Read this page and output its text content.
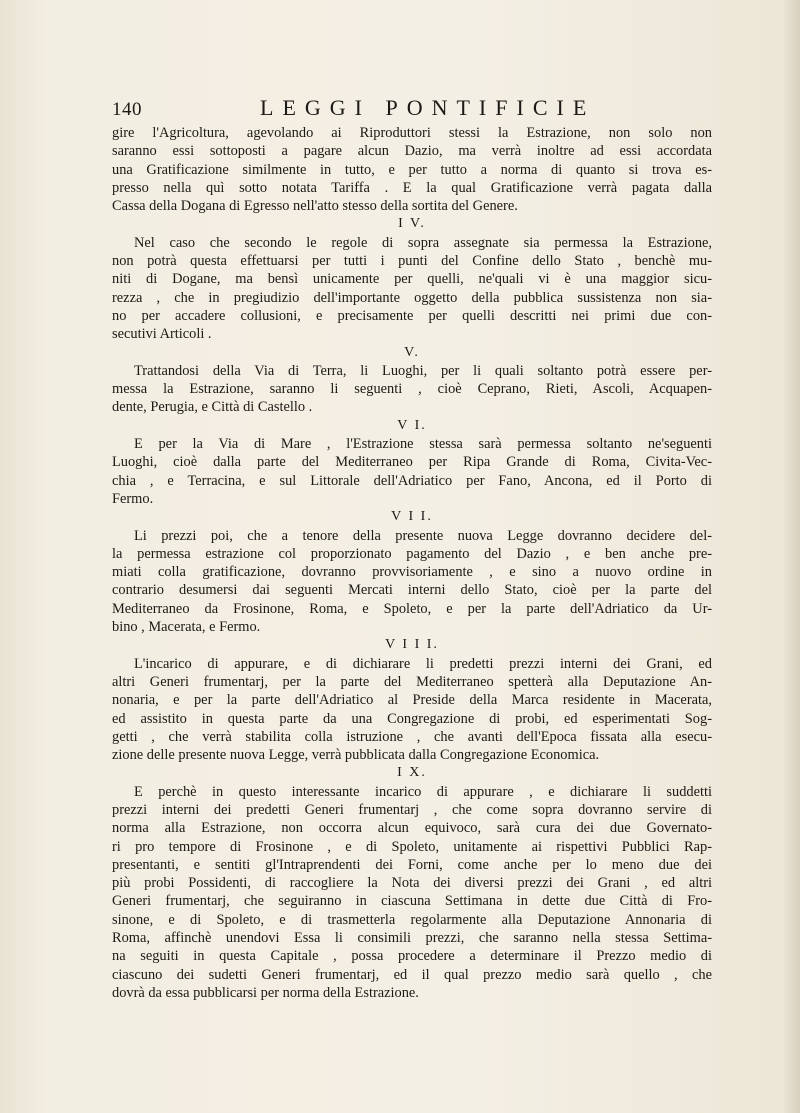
140	LEGGI PONTIFICIE
gire l'Agricoltura, agevolando ai Riproduttori stessi la Estrazione, non solo non
saranno essi sottoposti a pagare alcun Dazio, ma verrà inoltre ad essi accordata
una Gratificazione similmente in tutto, e per tutto a norma di quanto si trova es-
presso nella quì sotto notata Tariffa . E la qual Gratificazione verrà pagata dalla
Cassa della Dogana di Egresso nell'atto stesso della sortita del Genere.
I V.
Nel caso che secondo le regole di sopra assegnate sia permessa la Estrazione,
non potrà questa effettuarsi per tutti i punti del Confine dello Stato , benchè mu-
niti di Dogane, ma bensì unicamente per quelli, ne'quali vi è una maggior sicu-
rezza , che in pregiudizio dell'importante oggetto della pubblica sussistenza non sia-
no per accadere collusioni, e precisamente per quelli descritti nei primi due con-
secutivi Articoli .
V.
Trattandosi della Via di Terra, li Luoghi, per li quali soltanto potrà essere per-
messa la Estrazione, saranno li seguenti , cioè Ceprano, Rieti, Ascoli, Acquapen-
dente, Perugia, e Città di Castello .
V I.
E per la Via di Mare , l'Estrazione stessa sarà permessa soltanto ne'seguenti
Luoghi, cioè dalla parte del Mediterraneo per Ripa Grande di Roma, Civita-Vec-
chia , e Terracina, e sul Littorale dell'Adriatico per Fano, Ancona, ed il Porto di
Fermo.
V I I.
Li prezzi poi, che a tenore della presente nuova Legge dovranno decidere del-
la permessa estrazione col proporzionato pagamento del Dazio , e ben anche pre-
miati colla gratificazione, dovranno provvisoriamente , e sino a nuovo ordine in
contrario desumersi dai seguenti Mercati interni dello Stato, cioè per la parte del
Mediterraneo da Frosinone, Roma, e Spoleto, e per la parte dell'Adriatico da Ur-
bino , Macerata, e Fermo.
V I I I.
L'incarico di appurare, e di dichiarare li predetti prezzi interni dei Grani, ed
altri Generi frumentarj, per la parte del Mediterraneo spetterà alla Deputazione An-
nonaria, e per la parte dell'Adriatico al Preside della Marca residente in Macerata,
ed assistito in questa parte da una Congregazione di probi, ed esperimentati Sog-
getti , che verrà stabilita colla istruzione , che avanti dell'Epoca fissata alla esecu-
zione delle presente nuova Legge, verrà pubblicata dalla Congregazione Economica.
I X.
E perchè in questo interessante incarico di appurare , e dichiarare li suddetti
prezzi interni dei predetti Generi frumentarj , che come sopra dovranno servire di
norma alla Estrazione, non occorra alcun equivoco, sarà cura dei due Governato-
ri pro tempore di Frosinone , e di Spoleto, unitamente ai rispettivi Pubblici Rap-
presentanti, e sentiti gl'Intraprendenti dei Forni, come anche per lo meno due dei
più probi Possidenti, di raccogliere la Nota dei diversi prezzi dei Grani , ed altri
Generi frumentarj, che seguiranno in ciascuna Settimana in dette due Città di Fro-
sinone, e di Spoleto, e di trasmetterla regolarmente alla Deputazione Annonaria di
Roma, affinchè unendovi Essa li consimili prezzi, che saranno nella stessa Settima-
na seguiti in questa Capitale , possa procedere a determinare il Prezzo medio di
ciascuno dei sudetti Generi frumentarj, ed il qual prezzo medio sarà quello , che
dovrà da essa pubblicarsi per norma della Estrazione.
